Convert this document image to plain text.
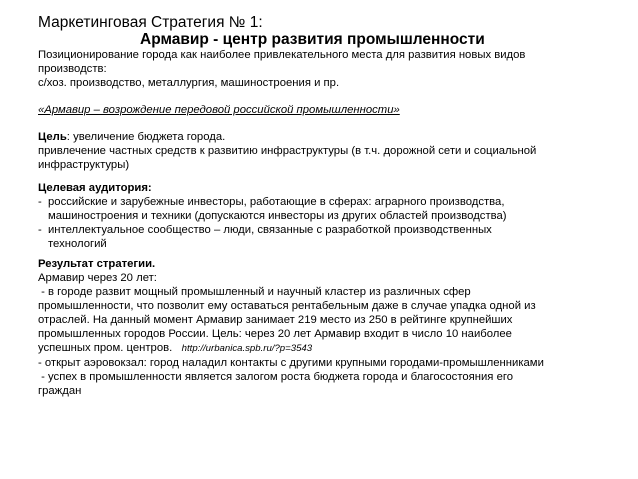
Маркетинговая Стратегия № 1:
Армавир - центр развития промышленности
Позиционирование города как наиболее привлекательного места для развития новых видов
производств:
с/хоз. производство, металлургия, машиностроения и пр.
«Армавир – возрождение передовой российской промышленности»
Цель: увеличение бюджета города.
привлечение частных средств к развитию инфраструктуры (в т.ч. дорожной сети и социальной
инфраструктуры)
Целевая аудитория:
- российские и зарубежные инвесторы, работающие в сферах: аграрного производства,
машиностроения и техники (допускаются инвесторы из других областей производства)
- интеллектуальное сообщество – люди, связанные с разработкой производственных
технологий
Результат стратегии.
Армавир через 20 лет:
- в городе развит мощный промышленный и научный кластер из различных сфер
промышленности, что позволит ему оставаться рентабельным даже в случае упадка одной из
отраслей. На данный момент Армавир занимает 219 место из 250 в рейтинге крупнейших
промышленных городов России. Цель: через 20 лет Армавир входит в число 10 наиболее
успешных пром. центров. http://urbanica.spb.ru/?p=3543
- открыт аэровокзал: город наладил контакты с другими крупными городами-промышленниками
- успех в промышленности является залогом роста бюджета города и благосостояния его
граждан
